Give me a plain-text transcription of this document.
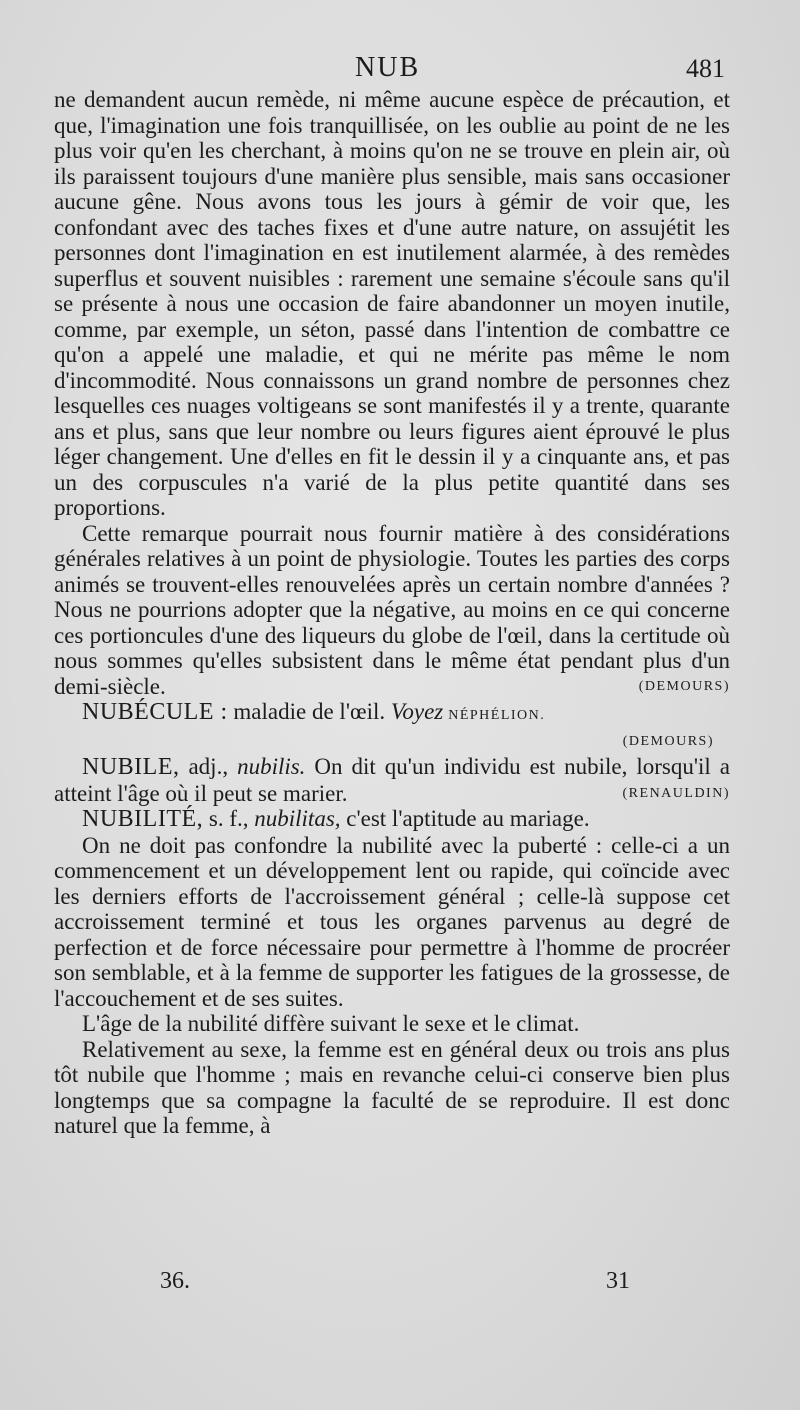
NUB	481

ne demandent aucun remède, ni même aucune espèce de précaution, et que, l'imagination une fois tranquillisée, on les oublie au point de ne les plus voir qu'en les cherchant, à moins qu'on ne se trouve en plein air, où ils paraissent toujours d'une manière plus sensible, mais sans occasioner aucune gêne. Nous avons tous les jours à gémir de voir que, les confondant avec des taches fixes et d'une autre nature, on assujétit les personnes dont l'imagination en est inutilement alarmée, à des remèdes superflus et souvent nuisibles : rarement une semaine s'écoule sans qu'il se présente à nous une occasion de faire abandonner un moyen inutile, comme, par exemple, un séton, passé dans l'intention de combattre ce qu'on a appelé une maladie, et qui ne mérite pas même le nom d'incommodité. Nous connaissons un grand nombre de personnes chez lesquelles ces nuages voltigeans se sont manifestés il y a trente, quarante ans et plus, sans que leur nombre ou leurs figures aient éprouvé le plus léger changement. Une d'elles en fit le dessin il y a cinquante ans, et pas un des corpuscules n'a varié de la plus petite quantité dans ses proportions.

Cette remarque pourrait nous fournir matière à des considérations générales relatives à un point de physiologie. Toutes les parties des corps animés se trouvent-elles renouvelées après un certain nombre d'années ? Nous ne pourrions adopter que la négative, au moins en ce qui concerne ces portioncules d'une des liqueurs du globe de l'œil, dans la certitude où nous sommes qu'elles subsistent dans le même état pendant plus d'un demi-siècle.	(DEMOURS)

NUBÉCULE : maladie de l'œil. Voyez NÉPHÉLION.
(DEMOURS)

NUBILE, adj., nubilis. On dit qu'un individu est nubile, lorsqu'il a atteint l'âge où il peut se marier.	(RENAULDIN)

NUBILITÉ, s. f., nubilitas, c'est l'aptitude au mariage.

On ne doit pas confondre la nubilité avec la puberté : celle-ci a un commencement et un développement lent ou rapide, qui coïncide avec les derniers efforts de l'accroissement général ; celle-là suppose cet accroissement terminé et tous les organes parvenus au degré de perfection et de force nécessaire pour permettre à l'homme de procréer son semblable, et à la femme de supporter les fatigues de la grossesse, de l'accouchement et de ses suites.

L'âge de la nubilité diffère suivant le sexe et le climat.

Relativement au sexe, la femme est en général deux ou trois ans plus tôt nubile que l'homme ; mais en revanche celui-ci conserve bien plus longtemps que sa compagne la faculté de se reproduire. Il est donc naturel que la femme, à

36.	31
